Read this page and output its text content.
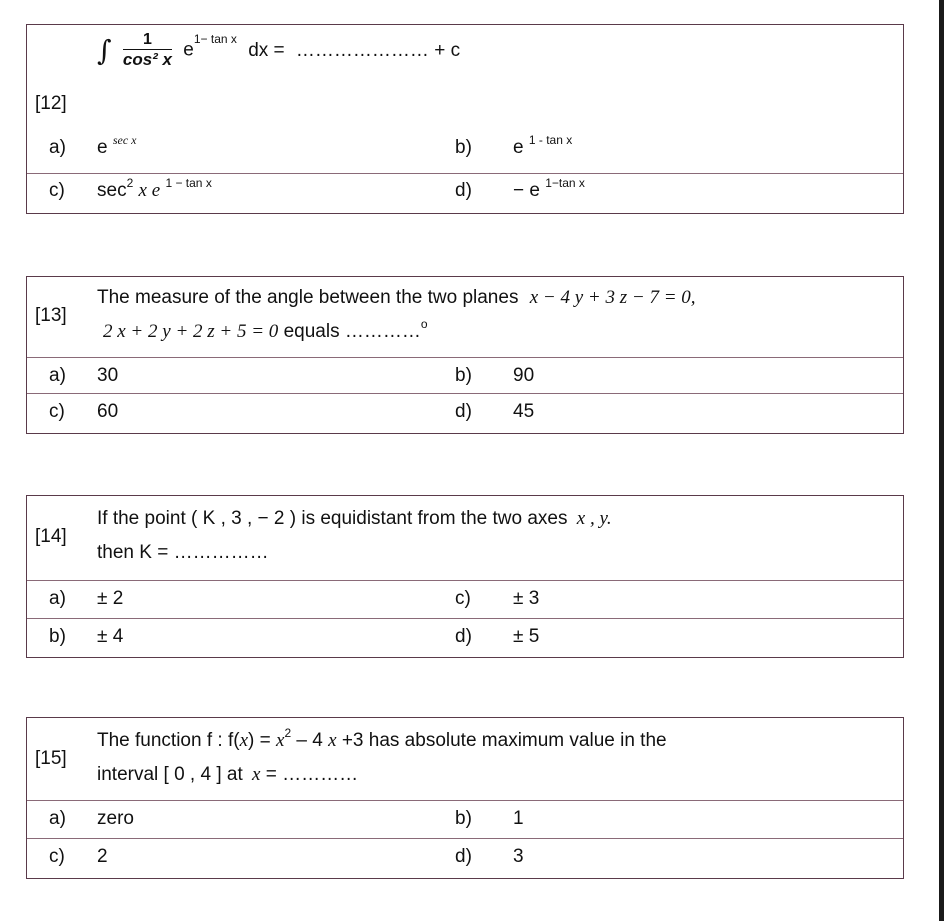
[12]
∫ $\frac{1}{\text{cos² x}} e^{1- tan x}$ dx = ………………… + c
a) e $^{sec x}$	b) e $^{1 - tan x}$
c) $\sec^2 x$ e $^{1 - tan x}$	d) − e $^{1-tan x}$
[13]
The measure of the angle between the two planes x − 4 y + 3 z − 7 = 0,
2 x + 2 y + 2 z + 5 = 0 equals …………$^o$
a) 30	b) 90
c) 60	d) 45
[14]
If the point ( K , 3 , − 2 ) is equidistant from the two axes x , y.
then K = ……………
a) ± 2	c) ± 3
b) ± 4	d) ± 5
[15]
The function f : $f(x) = x^2 - 4$ x +3 has absolute maximum value in the
interval [ 0 , 4 ] at x = …………
a) zero	b) 1
c) 2	d) 3
